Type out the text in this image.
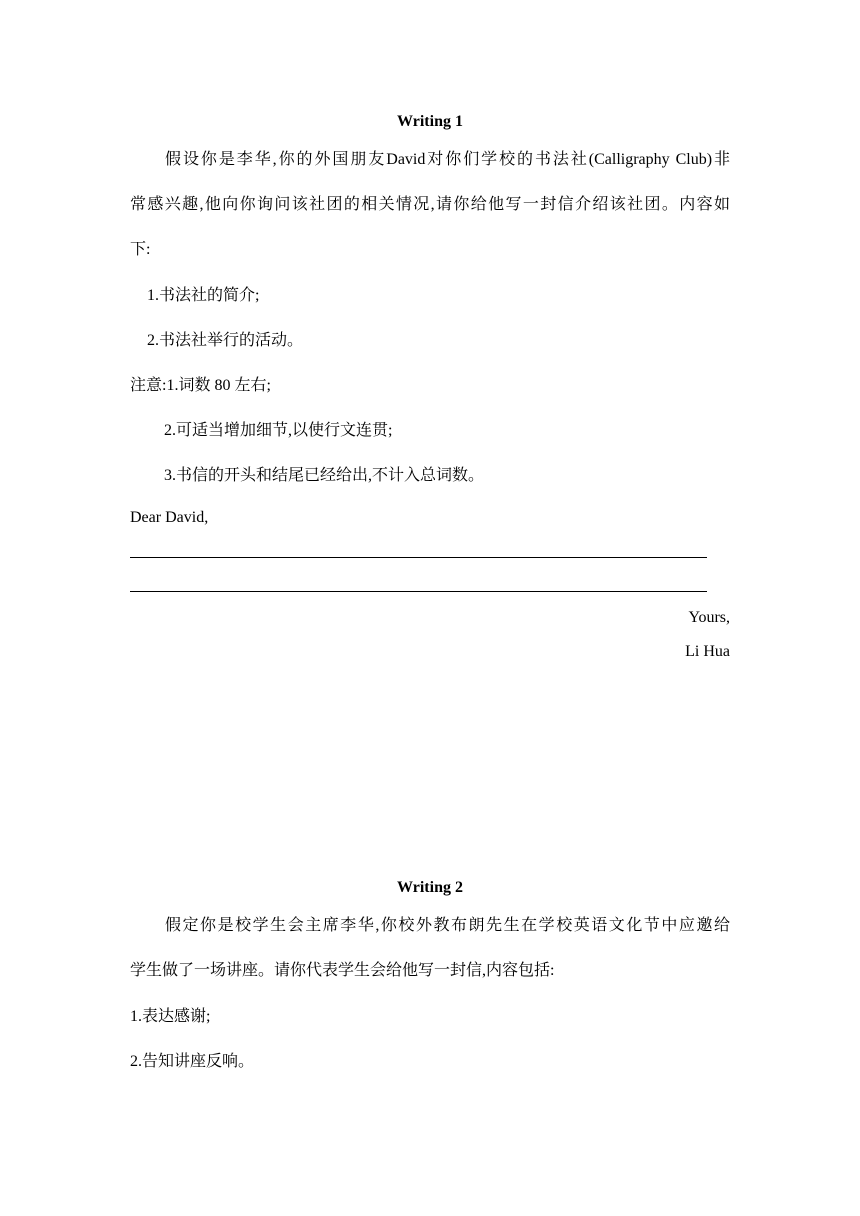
Writing 1
假设你是李华,你的外国朋友David对你们学校的书法社(Calligraphy Club)非
常感兴趣,他向你询问该社团的相关情况,请你给他写一封信介绍该社团。内容如
下:
1.书法社的简介;
2.书法社举行的活动。
注意:1.词数 80 左右;
2.可适当增加细节,以使行文连贯;
3.书信的开头和结尾已经给出,不计入总词数。
Dear David,
Yours,
Li Hua
Writing 2
假定你是校学生会主席李华,你校外教布朗先生在学校英语文化节中应邀给
学生做了一场讲座。请你代表学生会给他写一封信,内容包括:
1.表达感谢;
2.告知讲座反响。
